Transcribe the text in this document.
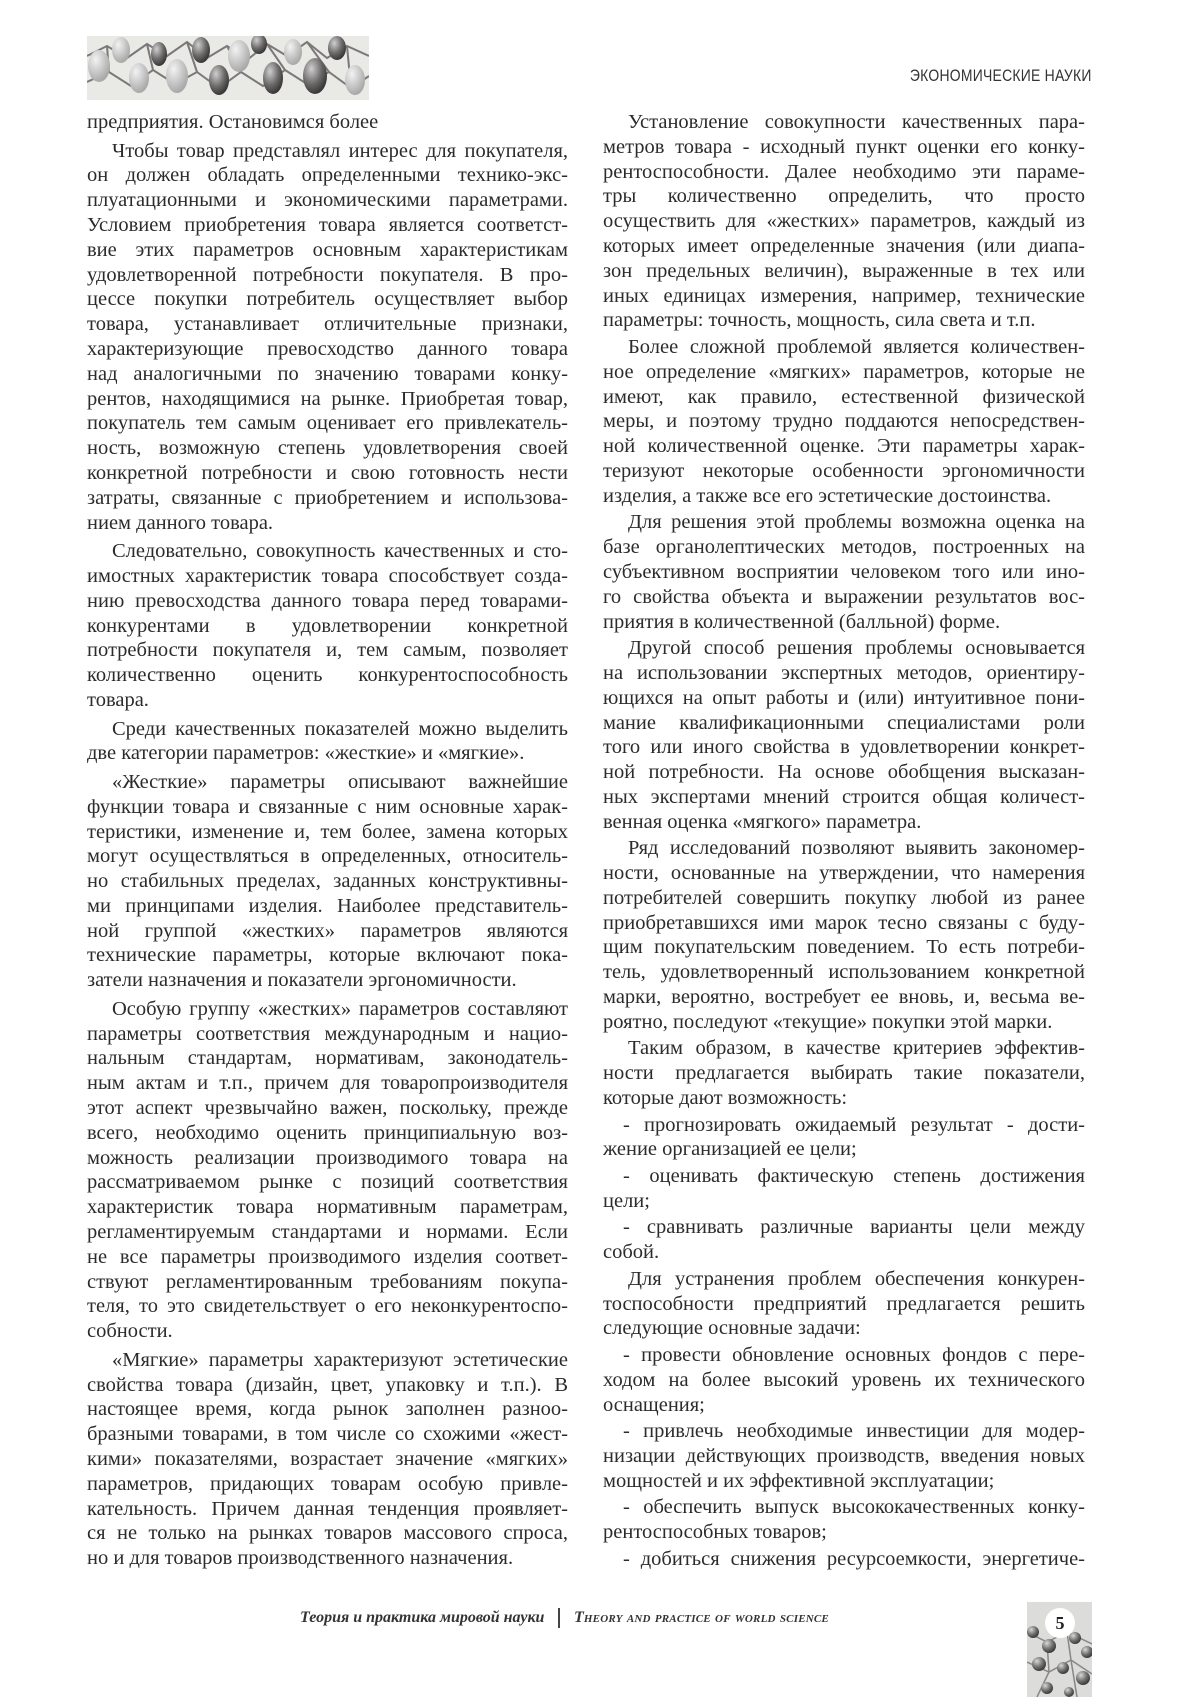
ЭКОНОМИЧЕСКИЕ НАУКИ
предприятия. Остановимся более
Чтобы товар представлял интерес для покупателя,
он должен обладать определенными технико-экс-
плуатационными и экономическими параметрами.
Условием приобретения товара является соответст-
вие этих параметров основным характеристикам
удовлетворенной потребности покупателя. В про-
цессе покупки потребитель осуществляет выбор
товара, устанавливает отличительные признаки,
характеризующие превосходство данного товара
над аналогичными по значению товарами конку-
рентов, находящимися на рынке. Приобретая товар,
покупатель тем самым оценивает его привлекатель-
ность, возможную степень удовлетворения своей
конкретной потребности и свою готовность нести
затраты, связанные с приобретением и использова-
нием данного товара.
Следовательно, совокупность качественных и сто-
имостных характеристик товара способствует созда-
нию превосходства данного товара перед товарами-
конкурентами в удовлетворении конкретной
потребности покупателя и, тем самым, позволяет
количественно оценить конкурентоспособность
товара.
Среди качественных показателей можно выделить
две категории параметров: «жесткие» и «мягкие».
«Жесткие» параметры описывают важнейшие
функции товара и связанные с ним основные харак-
теристики, изменение и, тем более, замена которых
могут осуществляться в определенных, относитель-
но стабильных пределах, заданных конструктивны-
ми принципами изделия. Наиболее представитель-
ной группой «жестких» параметров являются
технические параметры, которые включают пока-
затели назначения и показатели эргономичности.
Особую группу «жестких» параметров составляют
параметры соответствия международным и нацио-
нальным стандартам, нормативам, законодатель-
ным актам и т.п., причем для товаропроизводителя
этот аспект чрезвычайно важен, поскольку, прежде
всего, необходимо оценить принципиальную воз-
можность реализации производимого товара на
рассматриваемом рынке с позиций соответствия
характеристик товара нормативным параметрам,
регламентируемым стандартами и нормами. Если
не все параметры производимого изделия соответ-
ствуют регламентированным требованиям покупа-
теля, то это свидетельствует о его неконкурентоспо-
собности.
«Мягкие» параметры характеризуют эстетические
свойства товара (дизайн, цвет, упаковку и т.п.). В
настоящее время, когда рынок заполнен разноо-
бразными товарами, в том числе со схожими «жест-
кими» показателями, возрастает значение «мягких»
параметров, придающих товарам особую привле-
кательность. Причем данная тенденция проявляет-
ся не только на рынках товаров массового спроса,
но и для товаров производственного назначения.
Установление совокупности качественных пара-
метров товара - исходный пункт оценки его конку-
рентоспособности. Далее необходимо эти параме-
тры количественно определить, что просто
осуществить для «жестких» параметров, каждый из
которых имеет определенные значения (или диапа-
зон предельных величин), выраженные в тех или
иных единицах измерения, например, технические
параметры: точность, мощность, сила света и т.п.
Более сложной проблемой является количествен-
ное определение «мягких» параметров, которые не
имеют, как правило, естественной физической
меры, и поэтому трудно поддаются непосредствен-
ной количественной оценке. Эти параметры харак-
теризуют некоторые особенности эргономичности
изделия, а также все его эстетические достоинства.
Для решения этой проблемы возможна оценка на
базе органолептических методов, построенных на
субъективном восприятии человеком того или ино-
го свойства объекта и выражении результатов вос-
приятия в количественной (балльной) форме.
Другой способ решения проблемы основывается
на использовании экспертных методов, ориентиру-
ющихся на опыт работы и (или) интуитивное пони-
мание квалификационными специалистами роли
того или иного свойства в удовлетворении конкрет-
ной потребности. На основе обобщения высказан-
ных экспертами мнений строится общая количест-
венная оценка «мягкого» параметра.
Ряд исследований позволяют выявить закономер-
ности, основанные на утверждении, что намерения
потребителей совершить покупку любой из ранее
приобретавшихся ими марок тесно связаны с буду-
щим покупательским поведением. То есть потреби-
тель, удовлетворенный использованием конкретной
марки, вероятно, востребует ее вновь, и, весьма ве-
роятно, последуют «текущие» покупки этой марки.
Таким образом, в качестве критериев эффектив-
ности предлагается выбирать такие показатели,
которые дают возможность:
- прогнозировать ожидаемый результат - дости-
жение организацией ее цели;
- оценивать фактическую степень достижения
цели;
- сравнивать различные варианты цели между
собой.
Для устранения проблем обеспечения конкурен-
тоспособности предприятий предлагается решить
следующие основные задачи:
- провести обновление основных фондов с пере-
ходом на более высокий уровень их технического
оснащения;
- привлечь необходимые инвестиции для модер-
низации действующих производств, введения новых
мощностей и их эффективной эксплуатации;
- обеспечить выпуск высококачественных конку-
рентоспособных товаров;
- добиться снижения ресурсоемкости, энергетиче-
Теория и практика мировой науки Theory and practice of world science	5
